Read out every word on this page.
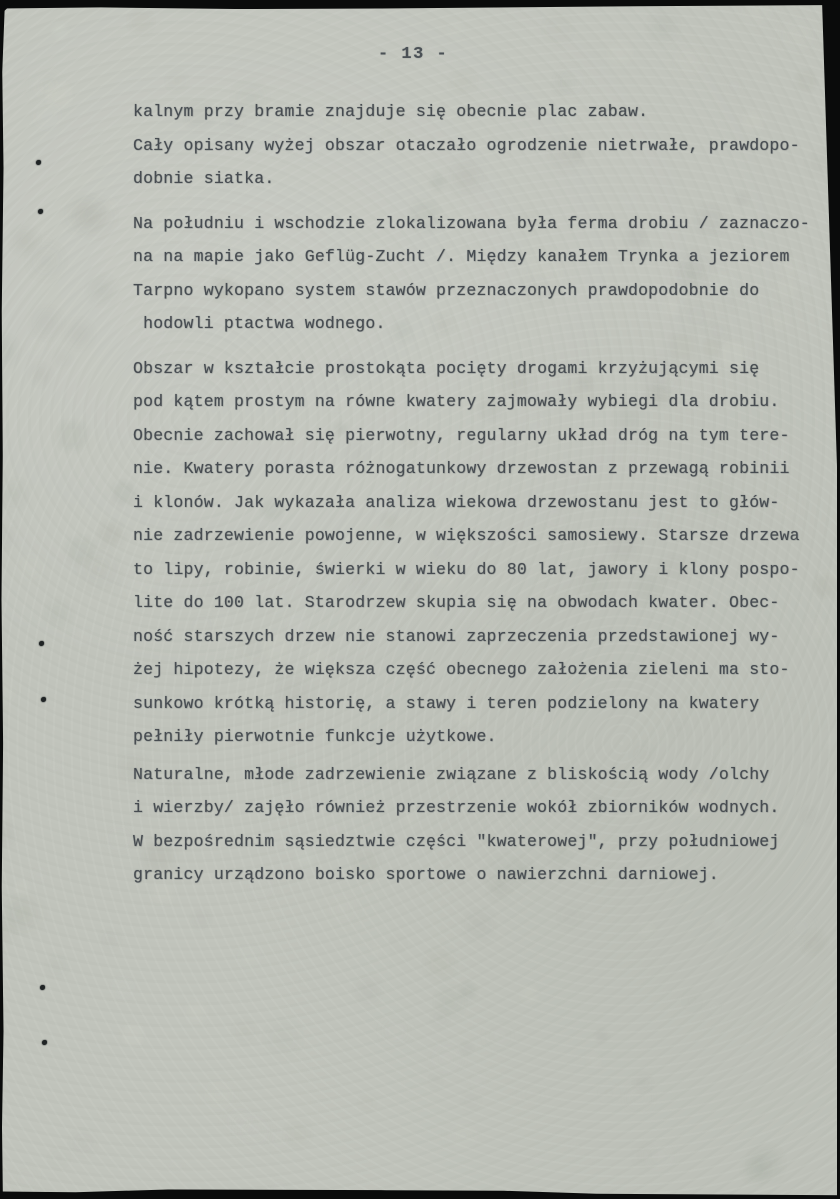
- 13 -
kalnym przy bramie znajduje się obecnie plac zabaw.
Cały opisany wyżej obszar otaczało ogrodzenie nietrwałe, prawdopo-
dobnie siatka.
Na południu i wschodzie zlokalizowana była ferma drobiu / zaznaczo-
na na mapie jako Geflüg-Zucht /. Między kanałem Trynka a jeziorem
Tarpno wykopano system stawów przeznaczonych prawdopodobnie do
hodowli ptactwa wodnego.
Obszar w kształcie prostokąta pocięty drogami krzyżującymi się
pod kątem prostym na równe kwatery zajmowały wybiegi dla drobiu.
Obecnie zachował się pierwotny, regularny układ dróg na tym tere-
nie. Kwatery porasta różnogatunkowy drzewostan z przewagą robinii
i klonów. Jak wykazała analiza wiekowa drzewostanu jest to głów-
nie zadrzewienie powojenne, w większości samosiewy. Starsze drzewa
to lipy, robinie, świerki w wieku do 80 lat, jawory i klony pospo-
lite do 100 lat. Starodrzew skupia się na obwodach kwater. Obec-
ność starszych drzew nie stanowi zaprzeczenia przedstawionej wy-
żej hipotezy, że większa część obecnego założenia zieleni ma sto-
sunkowo krótką historię, a stawy i teren podzielony na kwatery
pełniły pierwotnie funkcje użytkowe.
Naturalne, młode zadrzewienie związane z bliskością wody /olchy
i wierzby/ zajęło również przestrzenie wokół zbiorników wodnych.
W bezpośrednim sąsiedztwie części "kwaterowej", przy południowej
granicy urządzono boisko sportowe o nawierzchni darniowej.
